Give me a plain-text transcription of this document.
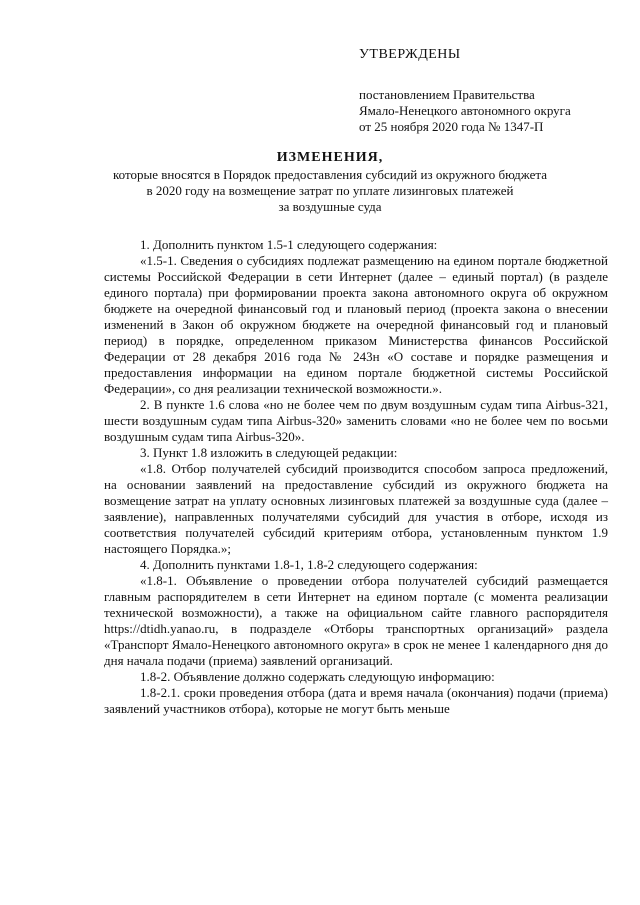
УТВЕРЖДЕНЫ
постановлением Правительства
Ямало-Ненецкого автономного округа
от 25 ноября 2020 года № 1347-П
ИЗМЕНЕНИЯ,
которые вносятся в Порядок предоставления субсидий из окружного бюджета
в 2020 году на возмещение затрат по уплате лизинговых платежей
за воздушные суда

1. Дополнить пунктом 1.5-1 следующего содержания:

«1.5-1. Сведения о субсидиях подлежат размещению на едином портале бюджетной системы Российской Федерации в сети Интернет (далее – единый портал) (в разделе единого портала) при формировании проекта закона автономного округа об окружном бюджете на очередной финансовый год и плановый период (проекта закона о внесении изменений в Закон об окружном бюджете на очередной финансовый год и плановый период) в порядке, определенном приказом Министерства финансов Российской Федерации от 28 декабря 2016 года № 243н «О составе и порядке размещения и предоставления информации на едином портале бюджетной системы Российской Федерации», со дня реализации технической возможности.».

2. В пункте 1.6 слова «но не более чем по двум воздушным судам типа Airbus-321, шести воздушным судам типа Airbus-320» заменить словами «но не более чем по восьми воздушным судам типа Airbus-320».

3. Пункт 1.8 изложить в следующей редакции:

«1.8. Отбор получателей субсидий производится способом запроса предложений, на основании заявлений на предоставление субсидий из окружного бюджета на возмещение затрат на уплату основных лизинговых платежей за воздушные суда (далее – заявление), направленных получателями субсидий для участия в отборе, исходя из соответствия получателей субсидий критериям отбора, установленным пунктом 1.9 настоящего Порядка.»;

4. Дополнить пунктами 1.8-1, 1.8-2 следующего содержания:

«1.8-1. Объявление о проведении отбора получателей субсидий размещается главным распорядителем в сети Интернет на едином портале (с момента реализации технической возможности), а также на официальном сайте главного распорядителя https://dtidh.yanao.ru, в подразделе «Отборы транспортных организаций» раздела «Транспорт Ямало-Ненецкого автономного округа» в срок не менее 1 календарного дня до дня начала подачи (приема) заявлений организаций.

1.8-2. Объявление должно содержать следующую информацию:

1.8-2.1. сроки проведения отбора (дата и время начала (окончания) подачи (приема) заявлений участников отбора), которые не могут быть меньше
